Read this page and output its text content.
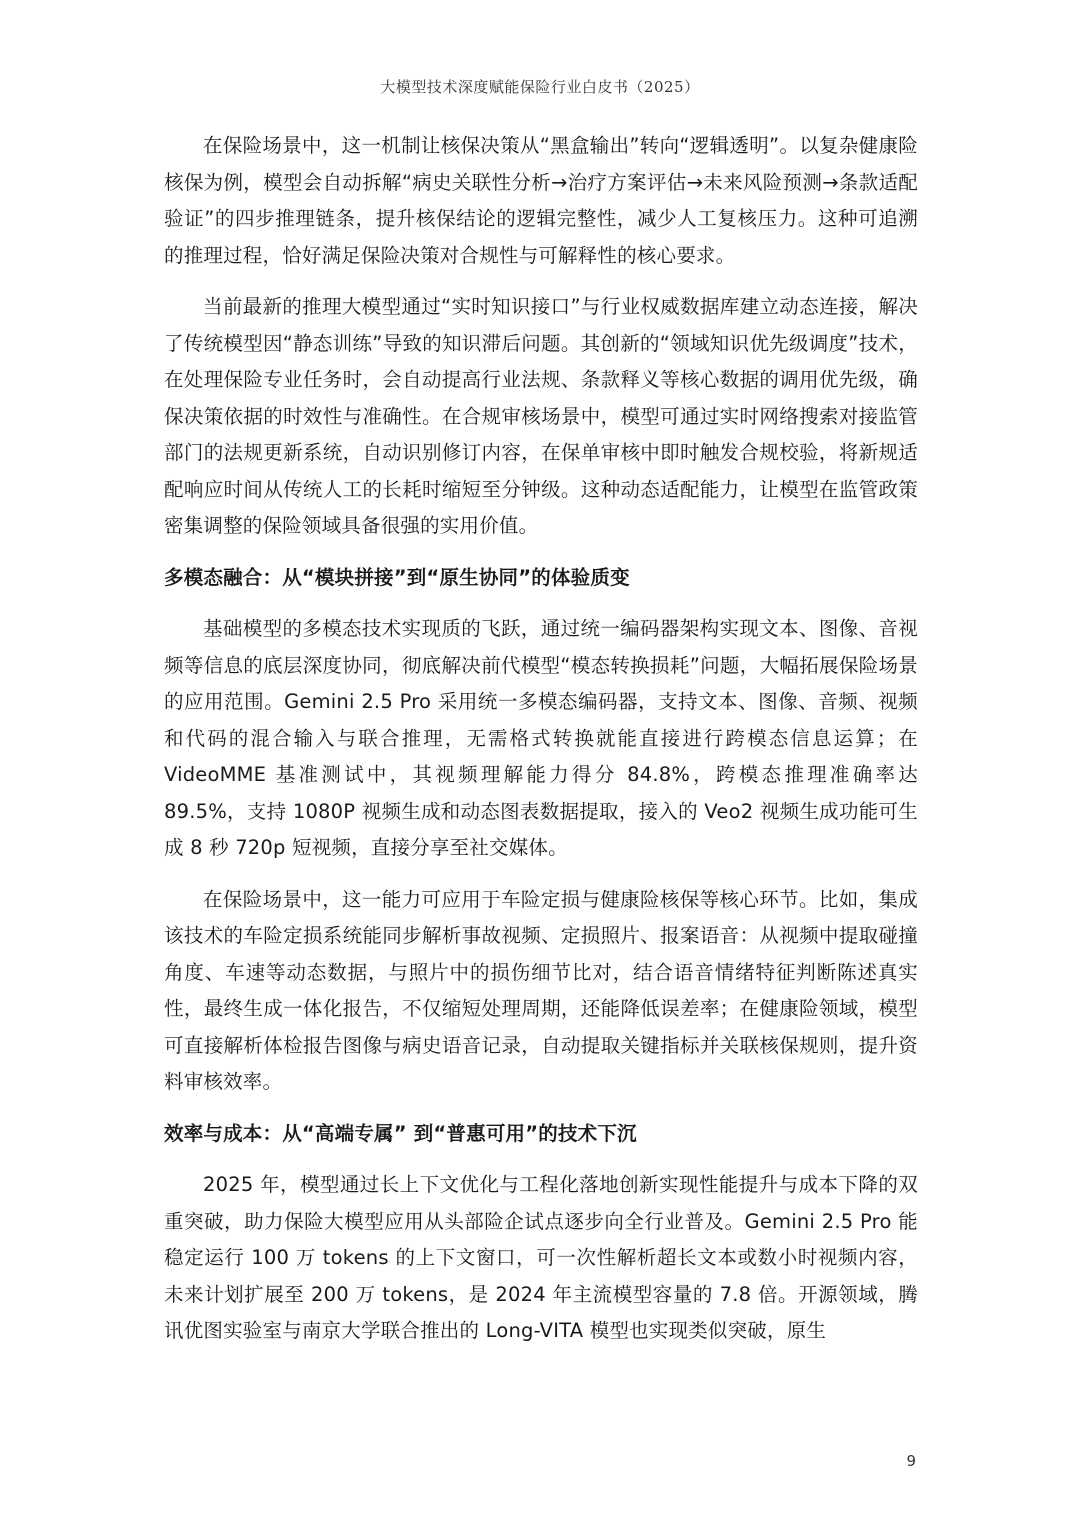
大模型技术深度赋能保险行业白皮书（2025）

在保险场景中，这一机制让核保决策从“黑盒输出”转向“逻辑透明”。以复杂健康险核保为例，模型会自动拆解“病史关联性分析→治疗方案评估→未来风险预测→条款适配验证”的四步推理链条，提升核保结论的逻辑完整性，减少人工复核压力。这种可追溯的推理过程，恰好满足保险决策对合规性与可解释性的核心要求。

当前最新的推理大模型通过“实时知识接口”与行业权威数据库建立动态连接，解决了传统模型因“静态训练”导致的知识滞后问题。其创新的“领域知识优先级调度”技术，在处理保险专业任务时，会自动提高行业法规、条款释义等核心数据的调用优先级，确保决策依据的时效性与准确性。在合规审核场景中，模型可通过实时网络搜索对接监管部门的法规更新系统，自动识别修订内容，在保单审核中即时触发合规校验，将新规适配响应时间从传统人工的长耗时缩短至分钟级。这种动态适配能力，让模型在监管政策密集调整的保险领域具备很强的实用价值。

多模态融合：从“模块拼接”到“原生协同”的体验质变

基础模型的多模态技术实现质的飞跃，通过统一编码器架构实现文本、图像、音视频等信息的底层深度协同，彻底解决前代模型“模态转换损耗”问题，大幅拓展保险场景的应用范围。Gemini 2.5 Pro 采用统一多模态编码器，支持文本、图像、音频、视频和代码的混合输入与联合推理，无需格式转换就能直接进行跨模态信息运算；在 VideoMME 基准测试中，其视频理解能力得分 84.8%，跨模态推理准确率达 89.5%，支持 1080P 视频生成和动态图表数据提取，接入的 Veo2 视频生成功能可生成 8 秒 720p 短视频，直接分享至社交媒体。

在保险场景中，这一能力可应用于车险定损与健康险核保等核心环节。比如，集成该技术的车险定损系统能同步解析事故视频、定损照片、报案语音：从视频中提取碰撞角度、车速等动态数据，与照片中的损伤细节比对，结合语音情绪特征判断陈述真实性，最终生成一体化报告，不仅缩短处理周期，还能降低误差率；在健康险领域，模型可直接解析体检报告图像与病史语音记录，自动提取关键指标并关联核保规则，提升资料审核效率。

效率与成本：从“高端专属” 到“普惠可用”的技术下沉

2025 年，模型通过长上下文优化与工程化落地创新实现性能提升与成本下降的双重突破，助力保险大模型应用从头部险企试点逐步向全行业普及。Gemini 2.5 Pro 能稳定运行 100 万 tokens 的上下文窗口，可一次性解析超长文本或数小时视频内容，未来计划扩展至 200 万 tokens，是 2024 年主流模型容量的 7.8 倍。开源领域，腾讯优图实验室与南京大学联合推出的 Long-VITA 模型也实现类似突破，原生

9
